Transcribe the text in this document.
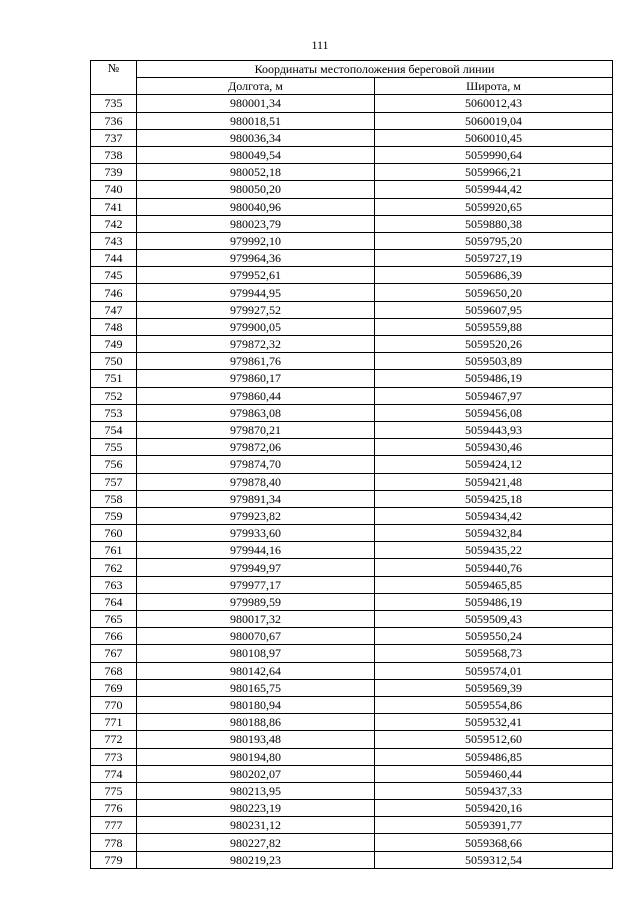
111
№	Координаты местоположения береговой линии	
	Долгота, м	Широта, м
735	980001,34	5060012,43
736	980018,51	5060019,04
737	980036,34	5060010,45
738	980049,54	5059990,64
739	980052,18	5059966,21
740	980050,20	5059944,42
741	980040,96	5059920,65
742	980023,79	5059880,38
743	979992,10	5059795,20
744	979964,36	5059727,19
745	979952,61	5059686,39
746	979944,95	5059650,20
747	979927,52	5059607,95
748	979900,05	5059559,88
749	979872,32	5059520,26
750	979861,76	5059503,89
751	979860,17	5059486,19
752	979860,44	5059467,97
753	979863,08	5059456,08
754	979870,21	5059443,93
755	979872,06	5059430,46
756	979874,70	5059424,12
757	979878,40	5059421,48
758	979891,34	5059425,18
759	979923,82	5059434,42
760	979933,60	5059432,84
761	979944,16	5059435,22
762	979949,97	5059440,76
763	979977,17	5059465,85
764	979989,59	5059486,19
765	980017,32	5059509,43
766	980070,67	5059550,24
767	980108,97	5059568,73
768	980142,64	5059574,01
769	980165,75	5059569,39
770	980180,94	5059554,86
771	980188,86	5059532,41
772	980193,48	5059512,60
773	980194,80	5059486,85
774	980202,07	5059460,44
775	980213,95	5059437,33
776	980223,19	5059420,16
777	980231,12	5059391,77
778	980227,82	5059368,66
779	980219,23	5059312,54
